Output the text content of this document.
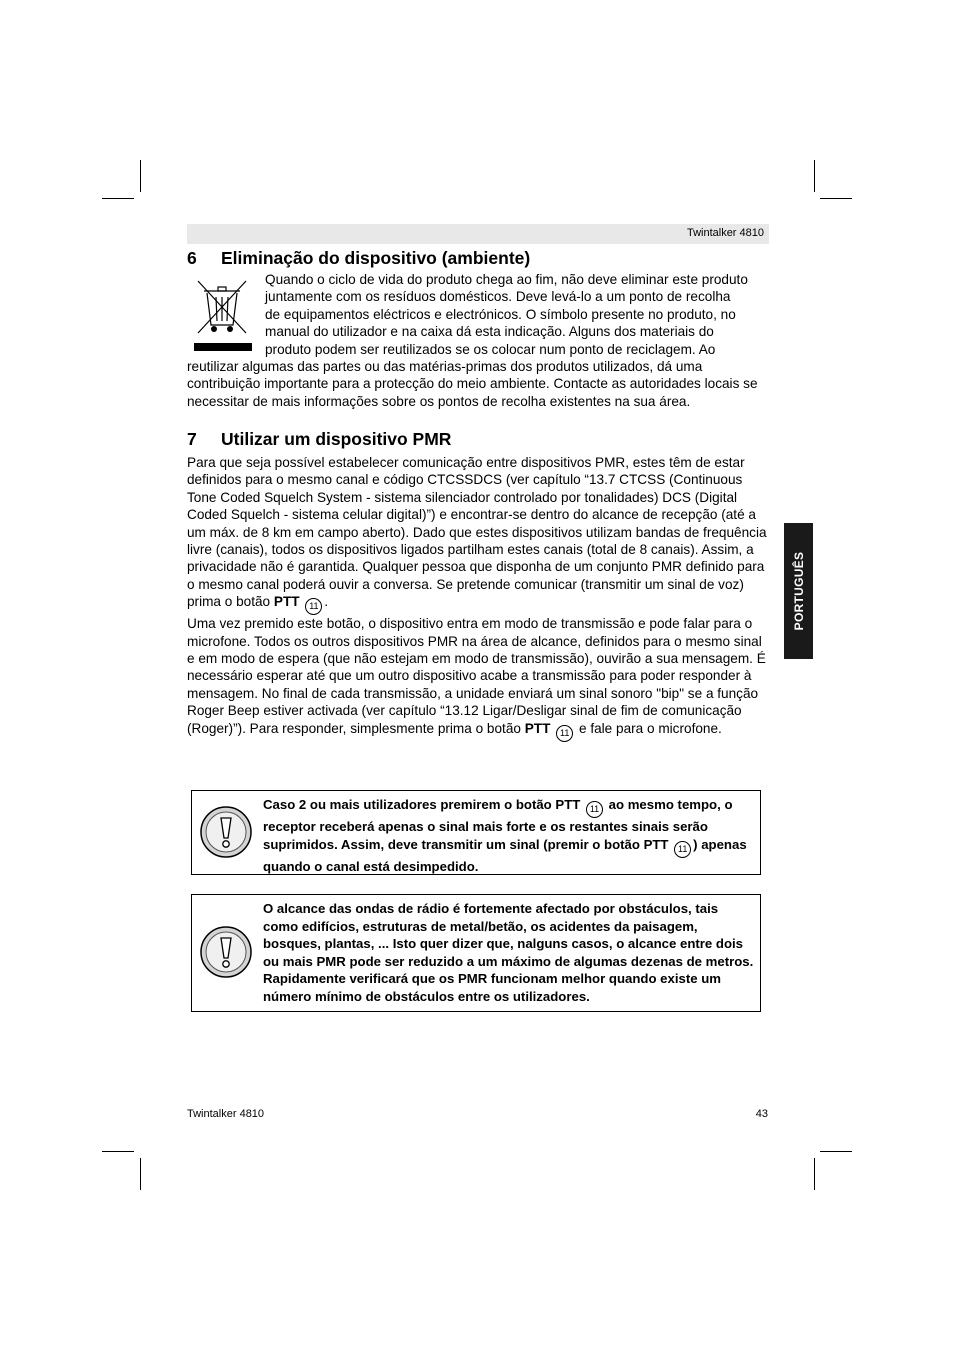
Twintalker 4810
6 Eliminação do dispositivo (ambiente)
Quando o ciclo de vida do produto chega ao fim, não deve eliminar este produto
juntamente com os resíduos domésticos. Deve levá-lo a um ponto de recolha
de equipamentos eléctricos e electrónicos. O símbolo presente no produto, no
manual do utilizador e na caixa dá esta indicação. Alguns dos materiais do
produto podem ser reutilizados se os colocar num ponto de reciclagem. Ao

reutilizar algumas das partes ou das matérias-primas dos produtos utilizados, dá uma contribuição importante para a protecção do meio ambiente. Contacte as autoridades locais se necessitar de mais informações sobre os pontos de recolha existentes na sua área.

7 Utilizar um dispositivo PMR

Para que seja possível estabelecer comunicação entre dispositivos PMR, estes têm de estar definidos para o mesmo canal e código CTCSSDCS (ver capítulo “13.7 CTCSS (Continuous Tone Coded Squelch System - sistema silenciador controlado por tonalidades) DCS (Digital Coded Squelch - sistema celular digital)”) e encontrar-se dentro do alcance de recepção (até a um máx. de 8 km em campo aberto). Dado que estes dispositivos utilizam bandas de frequência livre (canais), todos os dispositivos ligados partilham estes canais (total de 8 canais). Assim, a privacidade não é garantida. Qualquer pessoa que disponha de um conjunto PMR definido para o mesmo canal poderá ouvir a conversa. Se pretende comunicar (transmitir um sinal de voz) prima o botão PTT 11 .

Uma vez premido este botão, o dispositivo entra em modo de transmissão e pode falar para o microfone. Todos os outros dispositivos PMR na área de alcance, definidos para o mesmo sinal e em modo de espera (que não estejam em modo de transmissão), ouvirão a sua mensagem. É necessário esperar até que um outro dispositivo acabe a transmissão para poder responder à mensagem. No final de cada transmissão, a unidade enviará um sinal sonoro "bip" se a função Roger Beep estiver activada (ver capítulo “13.12 Ligar/Desligar sinal de fim de comunicação (Roger)”). Para responder, simplesmente prima o botão PTT 11 e fale para o microfone.

Caso 2 ou mais utilizadores premirem o botão PTT 11 ao mesmo tempo, o receptor receberá apenas o sinal mais forte e os restantes sinais serão suprimidos. Assim, deve transmitir um sinal (premir o botão PTT 11 ) apenas quando o canal está desimpedido.
O alcance das ondas de rádio é fortemente afectado por obstáculos, tais como edifícios, estruturas de metal/betão, os acidentes da paisagem, bosques, plantas, ... Isto quer dizer que, nalguns casos, o alcance entre dois ou mais PMR pode ser reduzido a um máximo de algumas dezenas de metros. Rapidamente verificará que os PMR funcionam melhor quando existe um número mínimo de obstáculos entre os utilizadores.
PORTUGUÊS
Twintalker 4810	43
